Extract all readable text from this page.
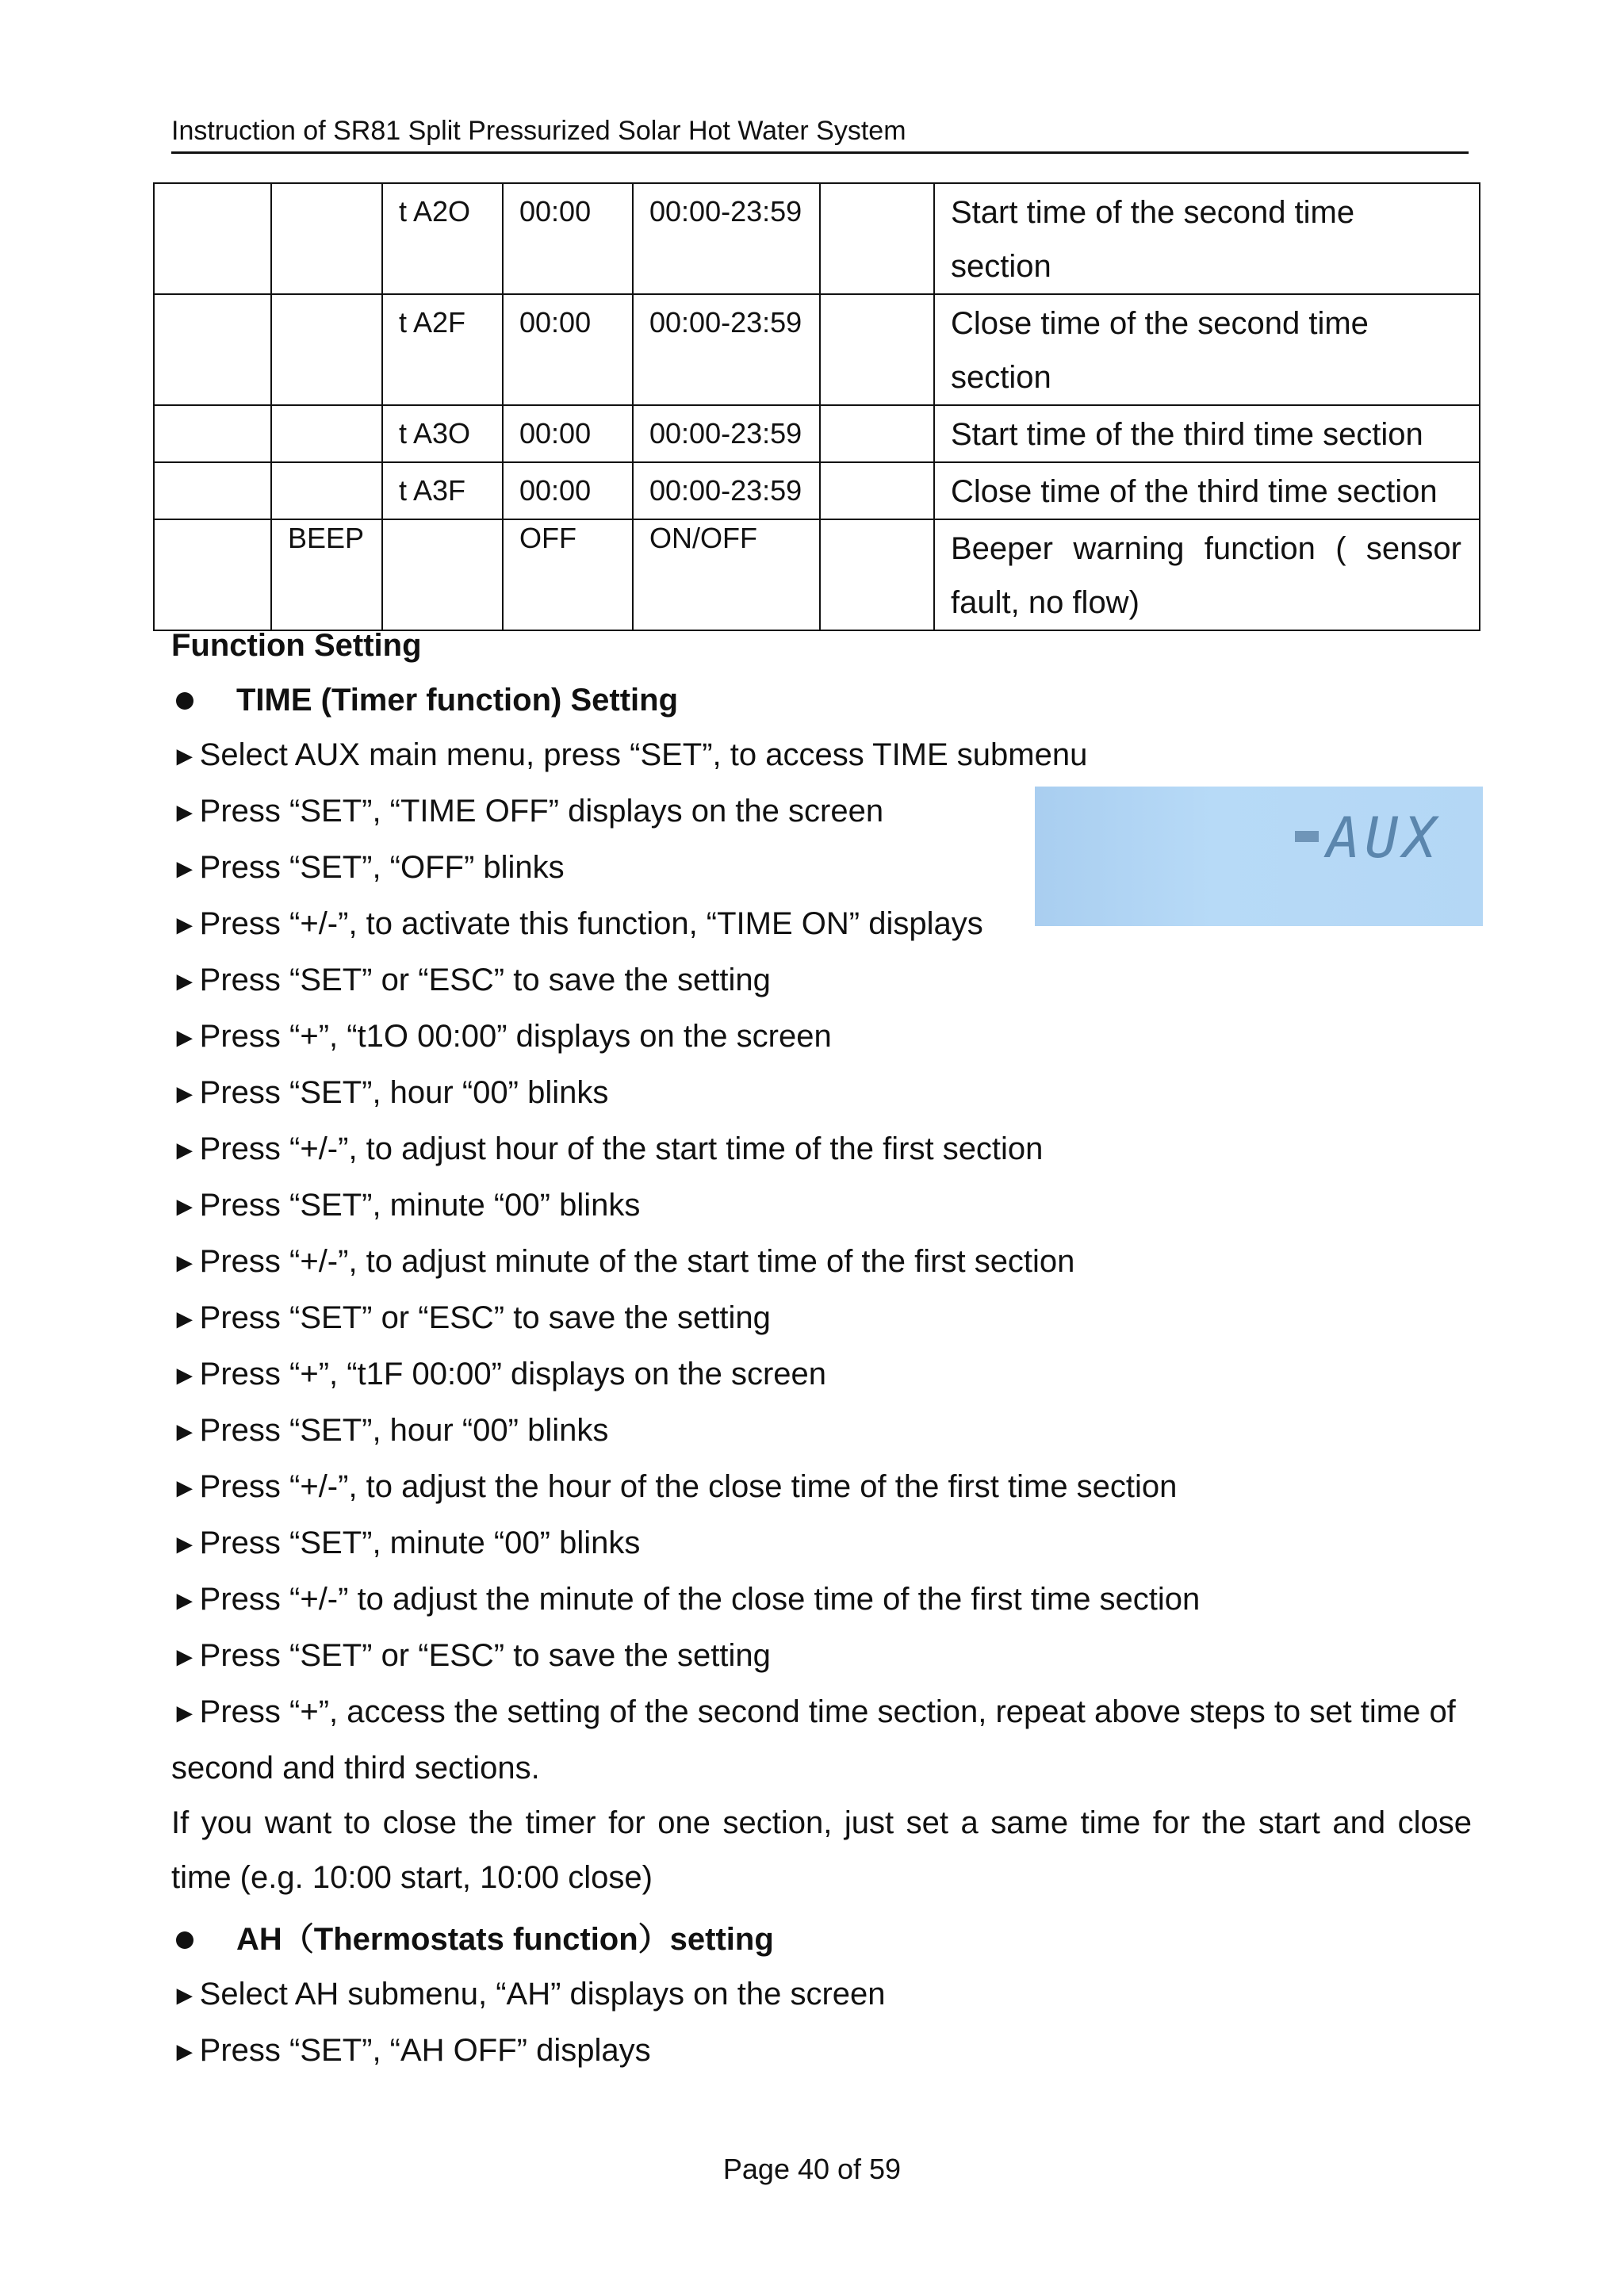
Instruction of SR81 Split Pressurized Solar Hot Water System
		t A2O	00:00	00:00-23:59		Start time of the second time section
		t A2F	00:00	00:00-23:59		Close time of the second time section
		t A3O	00:00	00:00-23:59		Start time of the third time section
		t A3F	00:00	00:00-23:59		Close time of the third time section
	BEEP		OFF	ON/OFF		Beeper warning function ( sensor fault, no flow)
Function Setting
TIME (Timer function) Setting
►Select AUX main menu, press “SET”, to access TIME submenu
►Press “SET”, “TIME OFF” displays on the screen
►Press “SET”, “OFF” blinks
►Press “+/-”, to activate this function, “TIME ON” displays
►Press “SET” or “ESC” to save the setting
►Press “+”, “t1O 00:00” displays on the screen
►Press “SET”, hour “00” blinks
►Press “+/-”, to adjust hour of the start time of the first section
►Press “SET”, minute “00” blinks
►Press “+/-”, to adjust minute of the start time of the first section
►Press “SET” or “ESC” to save the setting
►Press “+”, “t1F 00:00” displays on the screen
►Press “SET”, hour “00” blinks
►Press “+/-”, to adjust the hour of the close time of the first time section
►Press “SET”, minute “00” blinks
►Press “+/-” to adjust the minute of the close time of the first time section
►Press “SET” or “ESC” to save the setting
►Press “+”, access the setting of the second time section, repeat above steps to set time of second and third sections.
If you want to close the timer for one section, just set a same time for the start and close time (e.g. 10:00 start, 10:00 close)
AH（Thermostats function）setting
►Select AH submenu, “AH” displays on the screen
►Press “SET”, “AH OFF” displays
AUX
Page 40 of 59
